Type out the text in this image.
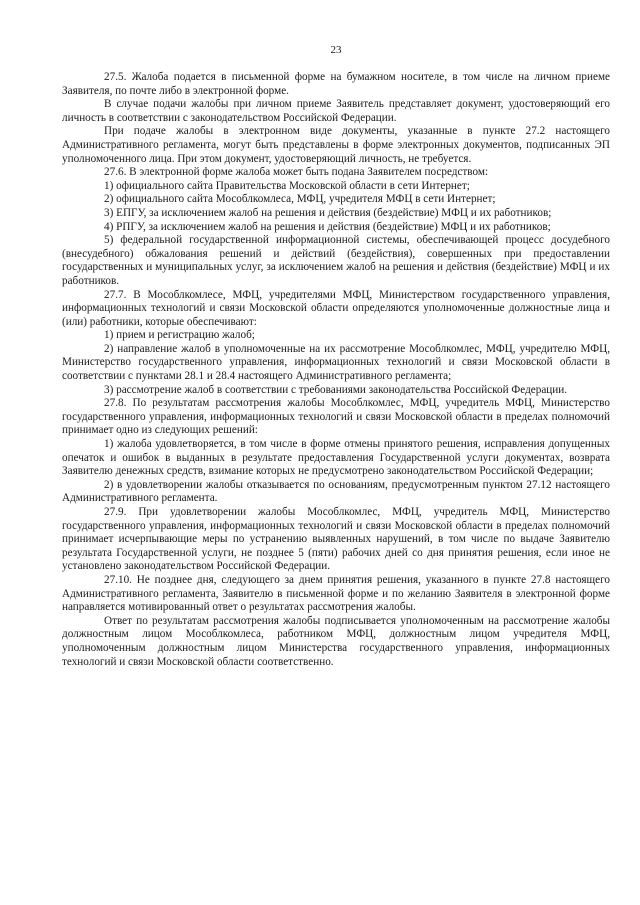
23

27.5. Жалоба подается в письменной форме на бумажном носителе, в том числе на личном приеме Заявителя, по почте либо в электронной форме.

В случае подачи жалобы при личном приеме Заявитель представляет документ, удостоверяющий его личность в соответствии с законодательством Российской Федерации.

При подаче жалобы в электронном виде документы, указанные в пункте 27.2 настоящего Административного регламента, могут быть представлены в форме электронных документов, подписанных ЭП уполномоченного лица. При этом документ, удостоверяющий личность, не требуется.

27.6. В электронной форме жалоба может быть подана Заявителем посредством:

1) официального сайта Правительства Московской области в сети Интернет;

2) официального сайта Мособлкомлеса, МФЦ, учредителя МФЦ в сети Интернет;

3) ЕПГУ, за исключением жалоб на решения и действия (бездействие) МФЦ и их работников;

4) РПГУ, за исключением жалоб на решения и действия (бездействие) МФЦ и их работников;

5) федеральной государственной информационной системы, обеспечивающей процесс досудебного (внесудебного) обжалования решений и действий (бездействия), совершенных при предоставлении государственных и муниципальных услуг, за исключением жалоб на решения и действия (бездействие) МФЦ и их работников.

27.7. В Мособлкомлесе, МФЦ, учредителями МФЦ, Министерством государственного управления, информационных технологий и связи Московской области определяются уполномоченные должностные лица и (или) работники, которые обеспечивают:

1) прием и регистрацию жалоб;

2) направление жалоб в уполномоченные на их рассмотрение Мособлкомлес, МФЦ, учредителю МФЦ, Министерство государственного управления, информационных технологий и связи Московской области в соответствии с пунктами 28.1 и 28.4 настоящего Административного регламента;

3) рассмотрение жалоб в соответствии с требованиями законодательства Российской Федерации.

27.8. По результатам рассмотрения жалобы Мособлкомлес, МФЦ, учредитель МФЦ, Министерство государственного управления, информационных технологий и связи Московской области в пределах полномочий принимает одно из следующих решений:

1) жалоба удовлетворяется, в том числе в форме отмены принятого решения, исправления допущенных опечаток и ошибок в выданных в результате предоставления Государственной услуги документах, возврата Заявителю денежных средств, взимание которых не предусмотрено законодательством Российской Федерации;

2) в удовлетворении жалобы отказывается по основаниям, предусмотренным пунктом 27.12 настоящего Административного регламента.

27.9. При удовлетворении жалобы Мособлкомлес, МФЦ, учредитель МФЦ, Министерство государственного управления, информационных технологий и связи Московской области в пределах полномочий принимает исчерпывающие меры по устранению выявленных нарушений, в том числе по выдаче Заявителю результата Государственной услуги, не позднее 5 (пяти) рабочих дней со дня принятия решения, если иное не установлено законодательством Российской Федерации.

27.10. Не позднее дня, следующего за днем принятия решения, указанного в пункте 27.8 настоящего Административного регламента, Заявителю в письменной форме и по желанию Заявителя в электронной форме направляется мотивированный ответ о результатах рассмотрения жалобы.

Ответ по результатам рассмотрения жалобы подписывается уполномоченным на рассмотрение жалобы должностным лицом Мособлкомлеса, работником МФЦ, должностным лицом учредителя МФЦ, уполномоченным должностным лицом Министерства государственного управления, информационных технологий и связи Московской области соответственно.
